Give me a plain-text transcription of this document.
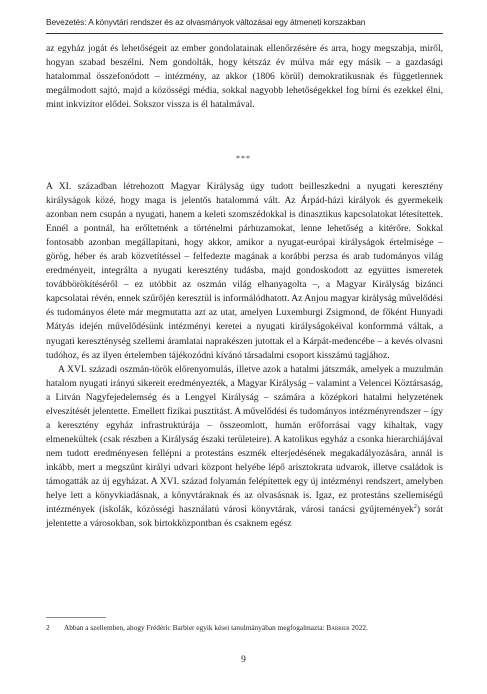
Bevezetés: A könyvtári rendszer és az olvasmányok változásai egy átmeneti korszakban

az egyház jogát és lehetőségeit az ember gondolatainak ellenőrzésére és arra, hogy megszabja, miről, hogyan szabad beszélni. Nem gondolták, hogy kétszáz év múlva már egy másik – a gazdasági hatalommal összefonódott – intézmény, az akkor (1806 körül) demokratikusnak és függetlennek megálmodott sajtó, majd a közösségi média, sokkal nagyobb lehetőségekkel fog bírni és ezekkel élni, mint inkvizítor elődei. Sokszor vissza is él hatalmával.

***

A XI. században létrehozott Magyar Királyság úgy tudott beilleszkedni a nyugati keresztény királyságok közé, hogy maga is jelentős hatalommá vált. Az Árpád-házi királyok és gyermekeik azonban nem csupán a nyugati, hanem a keleti szomszédokkal is dinasztikus kapcsolatokat létesítettek. Ennél a pontnál, ha erőltetnénk a történelmi párhuzamokat, lenne lehetőség a kitérőre. Sokkal fontosabb azonban megállapítani, hogy akkor, amikor a nyugat-európai királyságok értelmisége – görög, héber és arab közvetítéssel – felfedezte magának a korábbi perzsa és arab tudományos világ eredményeit, integrálta a nyugati keresztény tudásba, majd gondoskodott az együttes ismeretek továbbörökítéséről – ez utóbbit az oszmán világ elhanyagolta –, a Magyar Királyság bizánci kapcsolatai révén, ennek szűrőjén keresztül is informálódhatott. Az Anjou magyar királyság művelődési és tudományos élete már megmutatta azt az utat, amelyen Luxemburgi Zsigmond, de főként Hunyadi Mátyás idején művelődésünk intézményi keretei a nyugati királyságokéival konformmá váltak, a nyugati kereszténység szellemi áramlatai naprakészen jutottak el a Kárpát-medencébe – a kevés olvasni tudóhoz, és az ilyen értelemben tájékozódni kívánó társadalmi csoport kisszámú tagjához.

A XVI. századi oszmán-török előrenyomulás, illetve azok a hatalmi játszmák, amelyek a muzulmán hatalom nyugati irányú sikereit eredményezték, a Magyar Királyság – valamint a Velencei Köztársaság, a Litván Nagyfejedelemség és a Lengyel Királyság – számára a középkori hatalmi helyzetének elveszítését jelentette. Emellett fizikai pusztítást. A művelődési és tudományos intézményrendszer – így a keresztény egyház infrastruktúrája – összeomlott, humán erőforrásai vagy kihaltak, vagy elmenekültek (csak részben a Királyság északi területeire). A katolikus egyház a csonka hierarchiájával nem tudott eredményesen fellépni a protestáns eszmék elterjedésének megakadályozására, annál is inkább, mert a megszűnt királyi udvari központ helyébe lépő arisztokrata udvarok, illetve családok is támogatták az új egyházat. A XVI. század folyamán felépítettek egy új intézményi rendszert, amelyben helye lett a könyvkiadásnak, a könyvtáraknak és az olvasásnak is. Igaz, ez protestáns szellemiségű intézmények (iskolák, közösségi használatú városi könyvtárak, városi tanácsi gyűjtemények$^2$) sorát jelentette a városokban, sok birtokközpontban és csaknem egész

2 Abban a szellemben, ahogy Frédéric Barbier egyik kései tanulmányában megfogalmazta: Barbier 2022.
9
